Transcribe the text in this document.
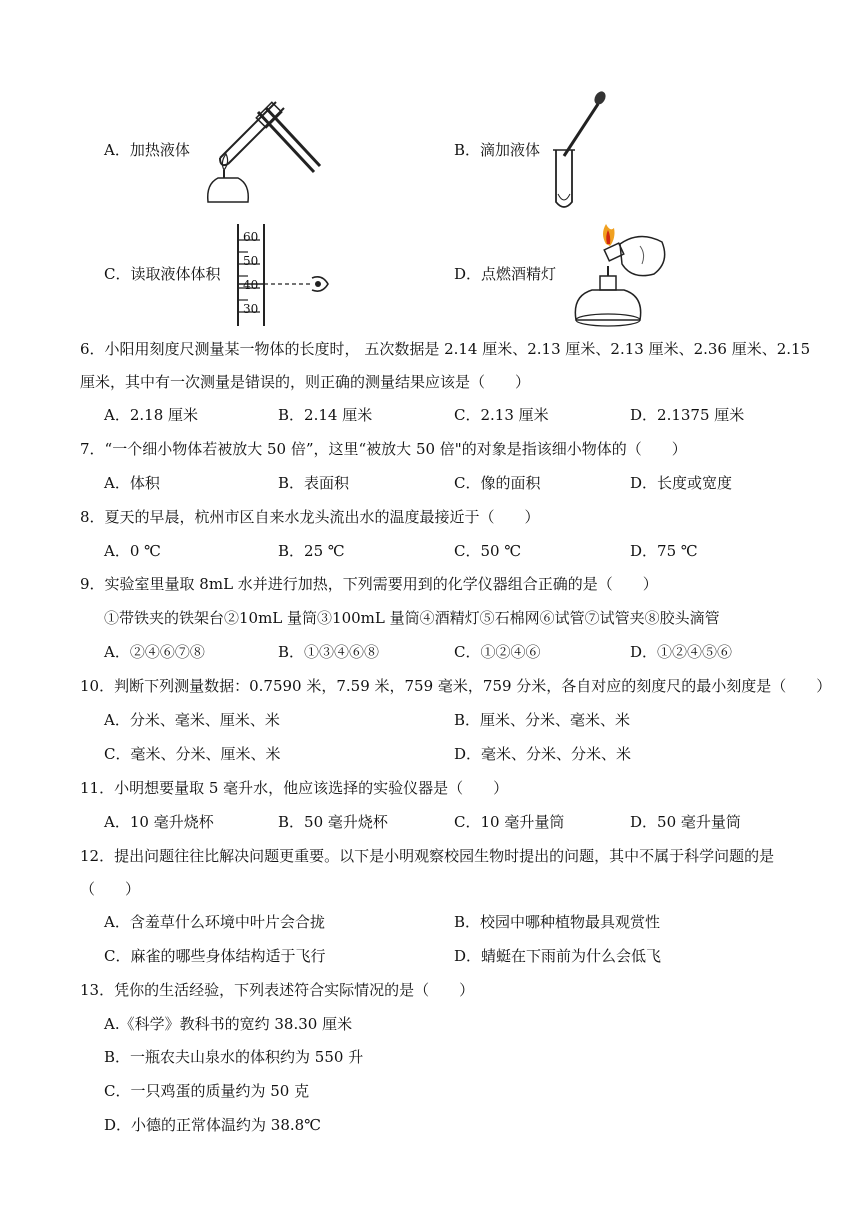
A．加热液体	B．滴加液体
C．读取液体体积
60
50
40
30
D．点燃酒精灯
6．小阳用刻度尺测量某一物体的长度时， 五次数据是 2.14 厘米、2.13 厘米、2.13 厘米、2.36 厘米、2.15
厘米，其中有一次测量是错误的，则正确的测量结果应该是（　　）
A．2.18 厘米	B．2.14 厘米	C．2.13 厘米	D．2.1375 厘米
7．“一个细小物体若被放大 50 倍”，这里“被放大 50 倍"的对象是指该细小物体的（　　）
A．体积	B．表面积	C．像的面积	D．长度或宽度
8．夏天的早晨，杭州市区自来水龙头流出水的温度最接近于（　　）
A．0 ℃	B．25 ℃	C．50 ℃	D．75 ℃
9．实验室里量取 8mL 水并进行加热，下列需要用到的化学仪器组合正确的是（　　）
①带铁夹的铁架台②10mL 量筒③100mL 量筒④酒精灯⑤石棉网⑥试管⑦试管夹⑧胶头滴管
A．②④⑥⑦⑧	B．①③④⑥⑧	C．①②④⑥	D．①②④⑤⑥
10．判断下列测量数据：0.7590 米，7.59 米，759 毫米，759 分米，各自对应的刻度尺的最小刻度是（　　）
A．分米、毫米、厘米、米	B．厘米、分米、毫米、米
C．毫米、分米、厘米、米	D．毫米、分米、分米、米
11．小明想要量取 5 毫升水，他应该选择的实验仪器是（　　）
A．10 毫升烧杯	B．50 毫升烧杯	C．10 毫升量筒	D．50 毫升量筒
12．提出问题往往比解决问题更重要。以下是小明观察校园生物时提出的问题，其中不属于科学问题的是
（　　）
A．含羞草什么环境中叶片会合拢	B．校园中哪种植物最具观赏性
C．麻雀的哪些身体结构适于飞行	D．蜻蜓在下雨前为什么会低飞
13．凭你的生活经验，下列表述符合实际情况的是（　　）
A.《科学》教科书的宽约 38.30 厘米
B．一瓶农夫山泉水的体积约为 550 升
C．一只鸡蛋的质量约为 50 克
D．小德的正常体温约为 38.8℃
